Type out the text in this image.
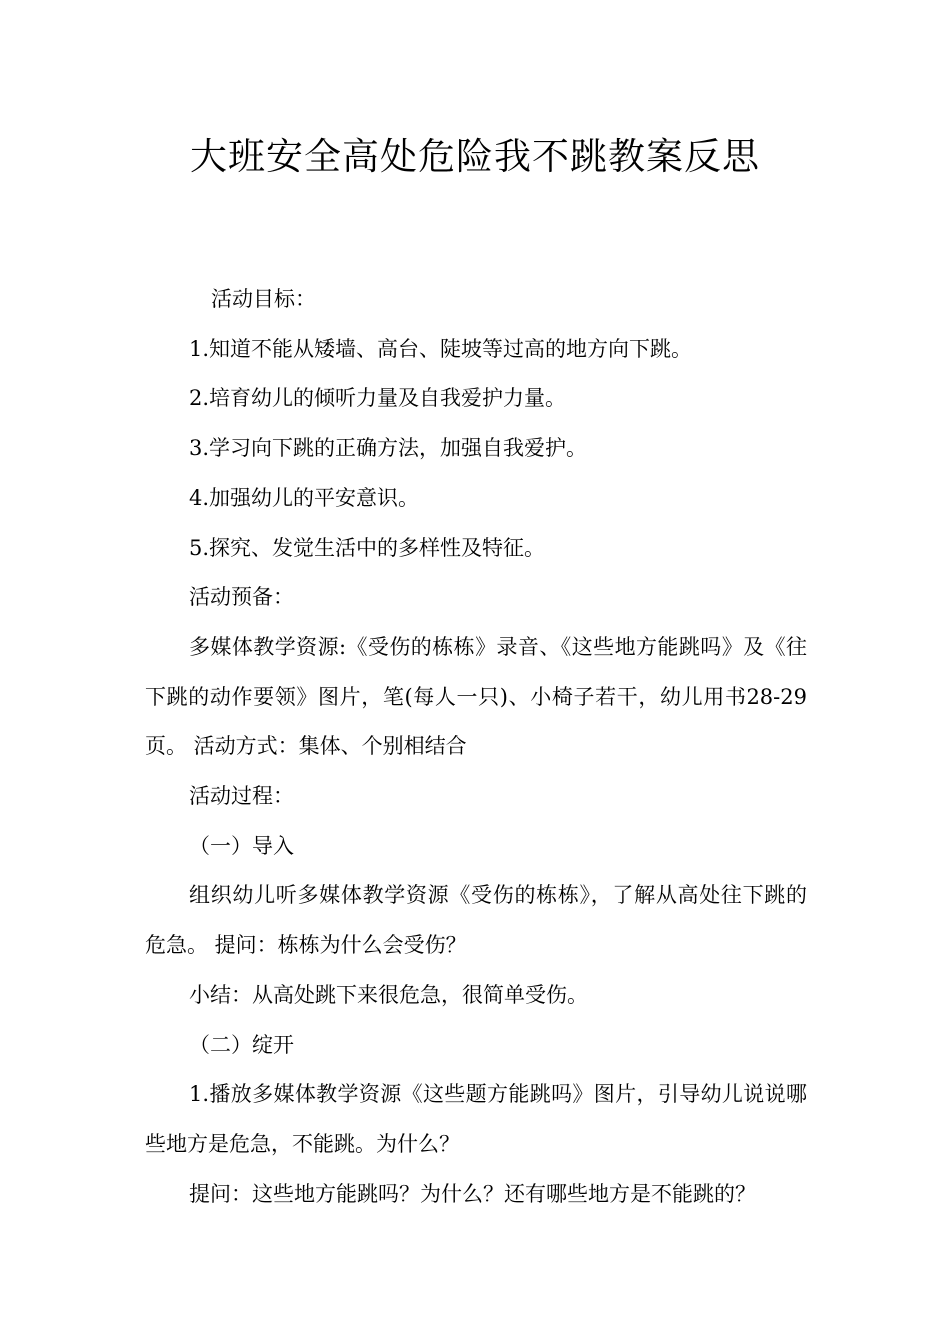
大班安全高处危险我不跳教案反思

活动目标：

1.知道不能从矮墙、高台、陡坡等过高的地方向下跳。

2.培育幼儿的倾听力量及自我爱护力量。

3.学习向下跳的正确方法，加强自我爱护。

4.加强幼儿的平安意识。

5.探究、发觉生活中的多样性及特征。

活动预备：

多媒体教学资源:《受伤的栋栋》录音、《这些地方能跳吗》及《往下跳的动作要领》图片，笔(每人一只)、小椅子若干，幼儿用书28-29页。 活动方式：集体、个别相结合

活动过程：

（一）导入

组织幼儿听多媒体教学资源《受伤的栋栋》，了解从高处往下跳的危急。 提问：栋栋为什么会受伤？

小结：从高处跳下来很危急，很简单受伤。

（二）绽开

1.播放多媒体教学资源《这些题方能跳吗》图片，引导幼儿说说哪些地方是危急，不能跳。为什么？

提问：这些地方能跳吗？为什么？还有哪些地方是不能跳的？
